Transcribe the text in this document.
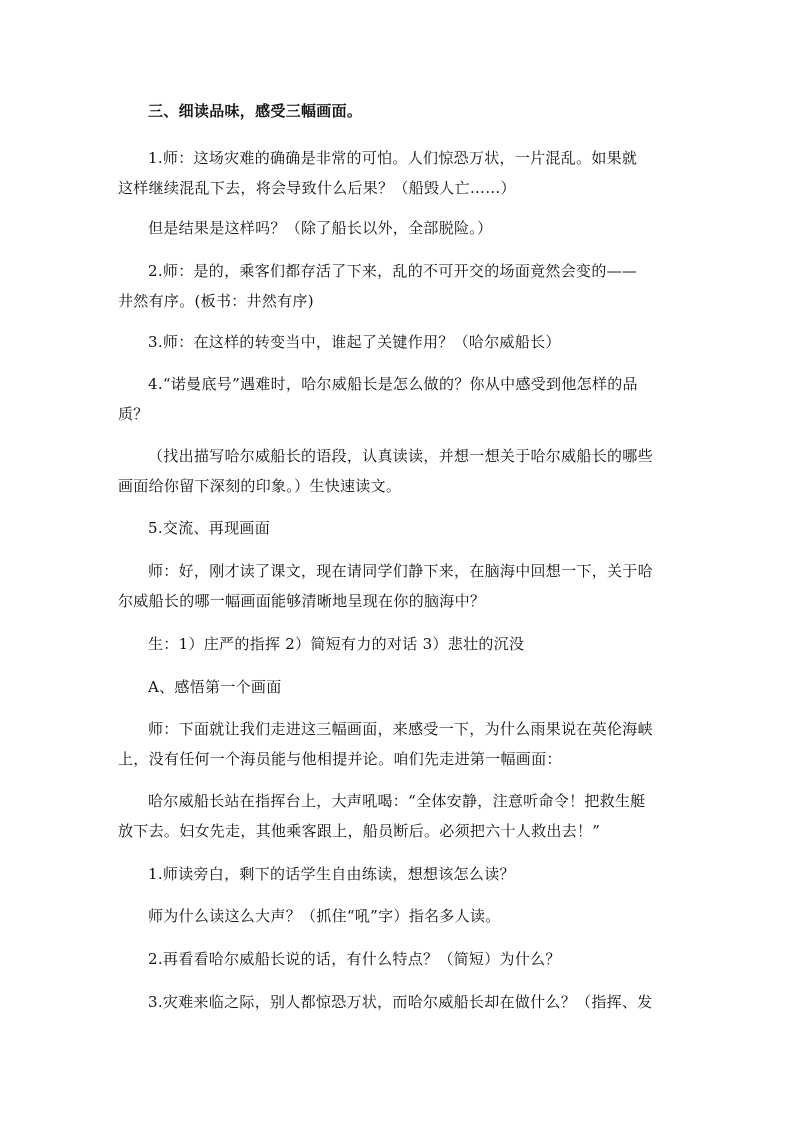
三、细读品味，感受三幅画面。
1.师：这场灾难的确确是非常的可怕。人们惊恐万状，一片混乱。如果就
这样继续混乱下去，将会导致什么后果？（船毁人亡……）
但是结果是这样吗？（除了船长以外，全部脱险。）
2.师：是的，乘客们都存活了下来，乱的不可开交的场面竟然会变的——
井然有序。(板书：井然有序)
3.师：在这样的转变当中，谁起了关键作用？（哈尔威船长）
4.“诺曼底号”遇难时，哈尔威船长是怎么做的？你从中感受到他怎样的品
质？
（找出描写哈尔威船长的语段，认真读读，并想一想关于哈尔威船长的哪些
画面给你留下深刻的印象。）生快速读文。
5.交流、再现画面
师：好，刚才读了课文，现在请同学们静下来，在脑海中回想一下，关于哈
尔威船长的哪一幅画面能够清晰地呈现在你的脑海中？
生：1）庄严的指挥 2）简短有力的对话 3）悲壮的沉没
A、感悟第一个画面
师：下面就让我们走进这三幅画面，来感受一下，为什么雨果说在英伦海峡
上，没有任何一个海员能与他相提并论。咱们先走进第一幅画面：
哈尔威船长站在指挥台上，大声吼喝：“全体安静，注意听命令！把救生艇
放下去。妇女先走，其他乘客跟上，船员断后。必须把六十人救出去！”
1.师读旁白，剩下的话学生自由练读，想想该怎么读？
师为什么读这么大声？（抓住“吼”字）指名多人读。
2.再看看哈尔威船长说的话，有什么特点？（简短）为什么？
3.灾难来临之际，别人都惊恐万状，而哈尔威船长却在做什么？（指挥、发
